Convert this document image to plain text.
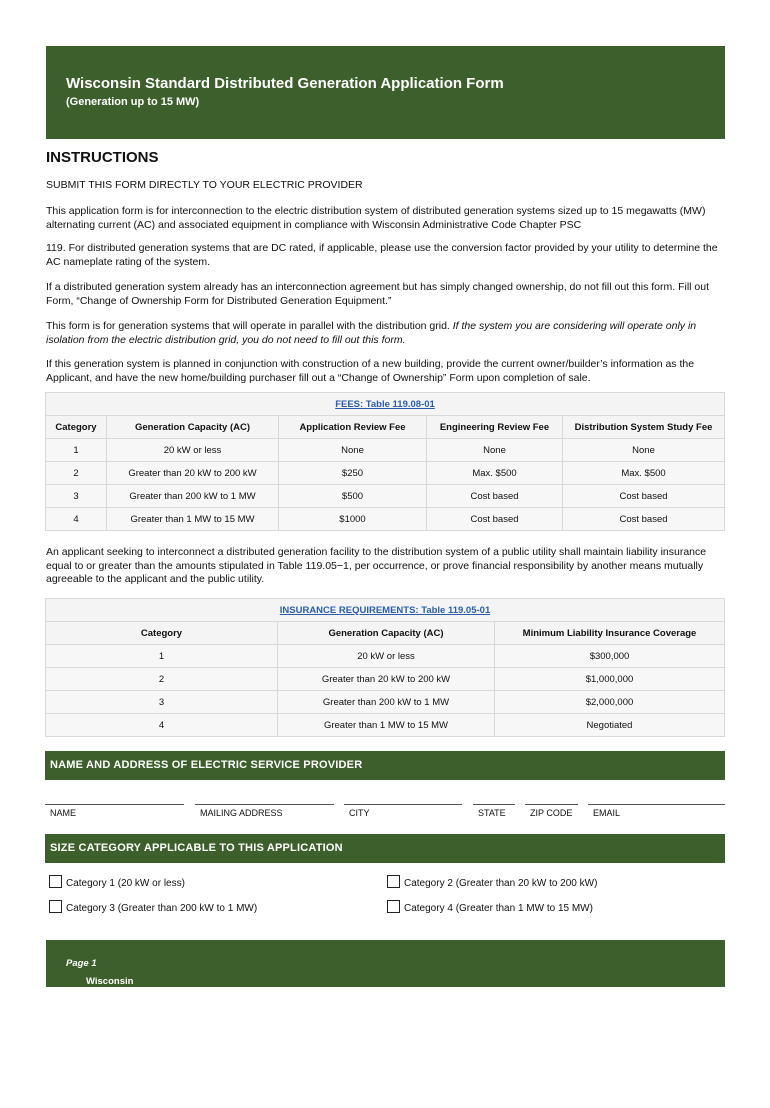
Wisconsin Standard Distributed Generation Application Form
(Generation up to 15 MW)
INSTRUCTIONS
SUBMIT THIS FORM DIRECTLY TO YOUR ELECTRIC PROVIDER
This application form is for interconnection to the electric distribution system of distributed generation systems sized up to 15 megawatts (MW) alternating current (AC) and associated equipment in compliance with Wisconsin Administrative Code Chapter PSC
119. For distributed generation systems that are DC rated, if applicable, please use the conversion factor provided by your utility to determine the AC nameplate rating of the system.
If a distributed generation system already has an interconnection agreement but has simply changed ownership, do not fill out this form. Fill out Form, “Change of Ownership Form for Distributed Generation Equipment.”
This form is for generation systems that will operate in parallel with the distribution grid. If the system you are considering will operate only in isolation from the electric distribution grid, you do not need to fill out this form.
If this generation system is planned in conjunction with construction of a new building, provide the current owner/builder’s information as the Applicant, and have the new home/building purchaser fill out a “Change of Ownership” Form upon completion of sale.
FEES: Table 119.08-01				
Category	Generation Capacity (AC)	Application Review Fee	Engineering Review Fee	Distribution System Study Fee
1	20 kW or less	None	None	None
2	Greater than 20 kW to 200 kW	$250	Max. $500	Max. $500
3	Greater than 200 kW to 1 MW	$500	Cost based	Cost based
4	Greater than 1 MW to 15 MW	$1000	Cost based	Cost based
An applicant seeking to interconnect a distributed generation facility to the distribution system of a public utility shall maintain liability insurance equal to or greater than the amounts stipulated in Table 119.05−1, per occurrence, or prove financial responsibility by another means mutually agreeable to the applicant and the public utility.
INSURANCE REQUIREMENTS: Table 119.05-01		
Category	Generation Capacity (AC)	Minimum Liability Insurance Coverage
1	20 kW or less	$300,000
2	Greater than 20 kW to 200 kW	$1,000,000
3	Greater than 200 kW to 1 MW	$2,000,000
4	Greater than 1 MW to 15 MW	Negotiated
NAME AND ADDRESS OF ELECTRIC SERVICE PROVIDER
NAME	MAILING ADDRESS	CITY	STATE	ZIP CODE EMAIL
SIZE CATEGORY APPLICABLE TO THIS APPLICATION
Category 1 (20 kW or less)	Category 2 (Greater than 20 kW to 200 kW)
Category 3 (Greater than 200 kW to 1 MW)	Category 4 (Greater than 1 MW to 15 MW)
Wisconsin Standard Distributed Generation Application Form (Generation up to 15 MW) (Effective 01/01/2020) |
Page 1
